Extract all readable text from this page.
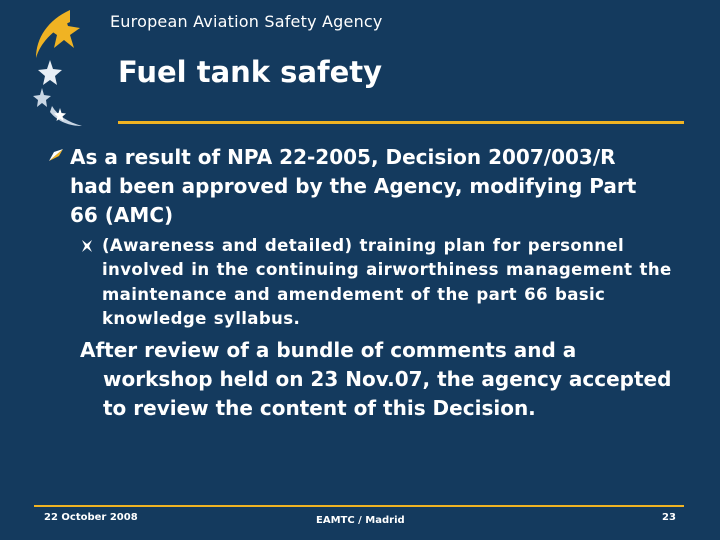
European Aviation Safety Agency
Fuel tank safety
As a result of NPA 22-2005, Decision 2007/003/R had been approved by the Agency, modifying Part 66 (AMC)
(Awareness and detailed) training plan for personnel involved in the continuing airworthiness management the maintenance and amendement of the part 66 basic knowledge syllabus.
After review of a bundle of comments and a
workshop held on 23 Nov.07, the agency accepted to review the content of this Decision.
22 October 2008	EAMTC / Madrid	23
